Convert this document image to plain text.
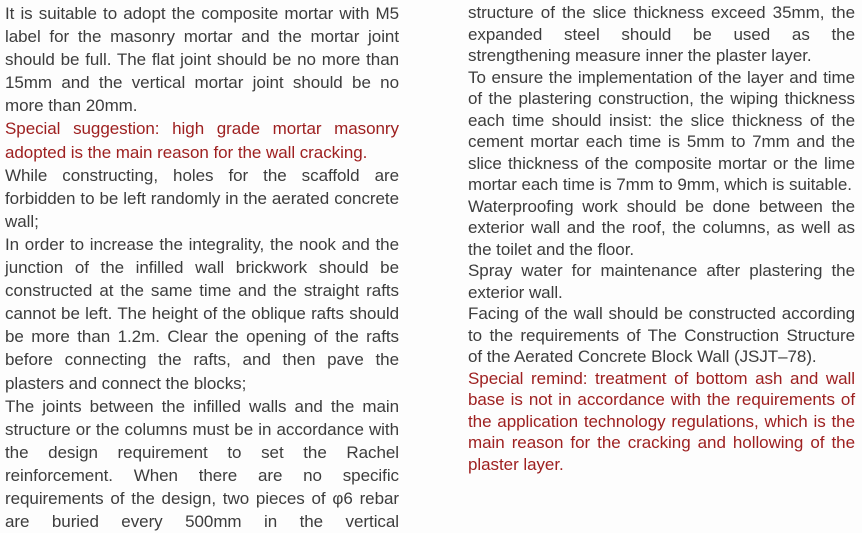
It is suitable to adopt the composite mortar with M5 label for the masonry mortar and the mortar joint should be full. The flat joint should be no more than 15mm and the vertical mortar joint should be no more than 20mm.

Special suggestion: high grade mortar masonry adopted is the main reason for the wall cracking.

While constructing, holes for the scaffold are forbidden to be left randomly in the aerated concrete wall;

In order to increase the integrality, the nook and the junction of the infilled wall brickwork should be constructed at the same time and the straight rafts cannot be left. The height of the oblique rafts should be more than 1.2m. Clear the opening of the rafts before connecting the rafts, and then pave the plasters and connect the blocks;

The joints between the infilled walls and the main structure or the columns must be in accordance with the design requirement to set the Rachel reinforcement. When there are no specific requirements of the design, two pieces of φ6 rebar are buried every 500mm in the vertical

structure of the slice thickness exceed 35mm, the expanded steel should be used as the strengthening measure inner the plaster layer.

To ensure the implementation of the layer and time of the plastering construction, the wiping thickness each time should insist: the slice thickness of the cement mortar each time is 5mm to 7mm and the slice thickness of the composite mortar or the lime mortar each time is 7mm to 9mm, which is suitable.

Waterproofing work should be done between the exterior wall and the roof, the columns, as well as the toilet and the floor.

Spray water for maintenance after plastering the exterior wall.

Facing of the wall should be constructed according to the requirements of The Construction Structure of the Aerated Concrete Block Wall (JSJT–78).

Special remind: treatment of bottom ash and wall base is not in accordance with the requirements of the application technology regulations, which is the main reason for the cracking and hollowing of the plaster layer.
